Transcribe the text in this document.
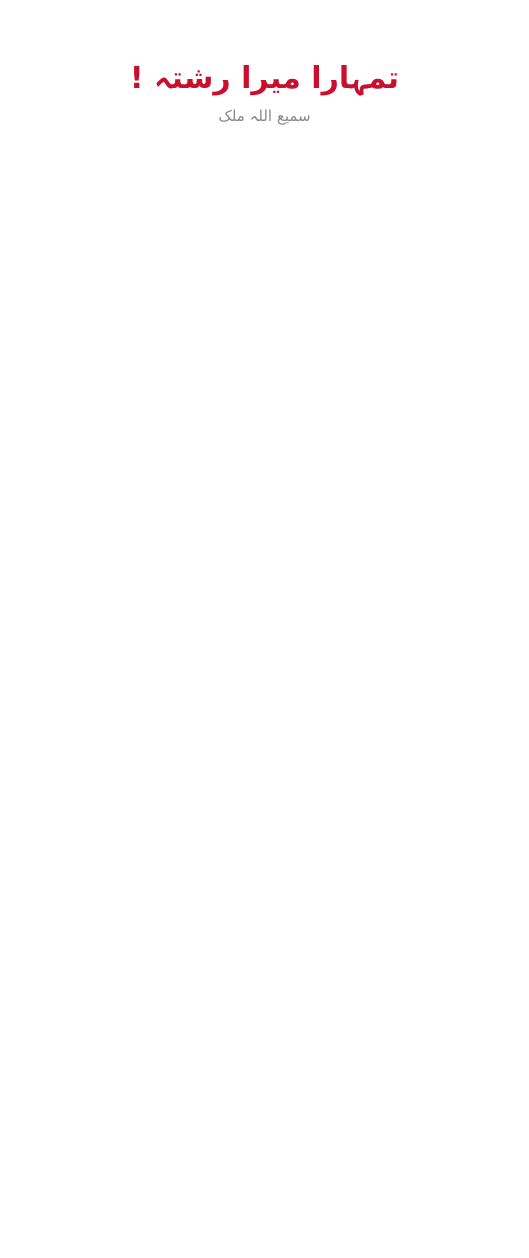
تمہارا میرا رشتہ !
سمیع اللہ ملک
